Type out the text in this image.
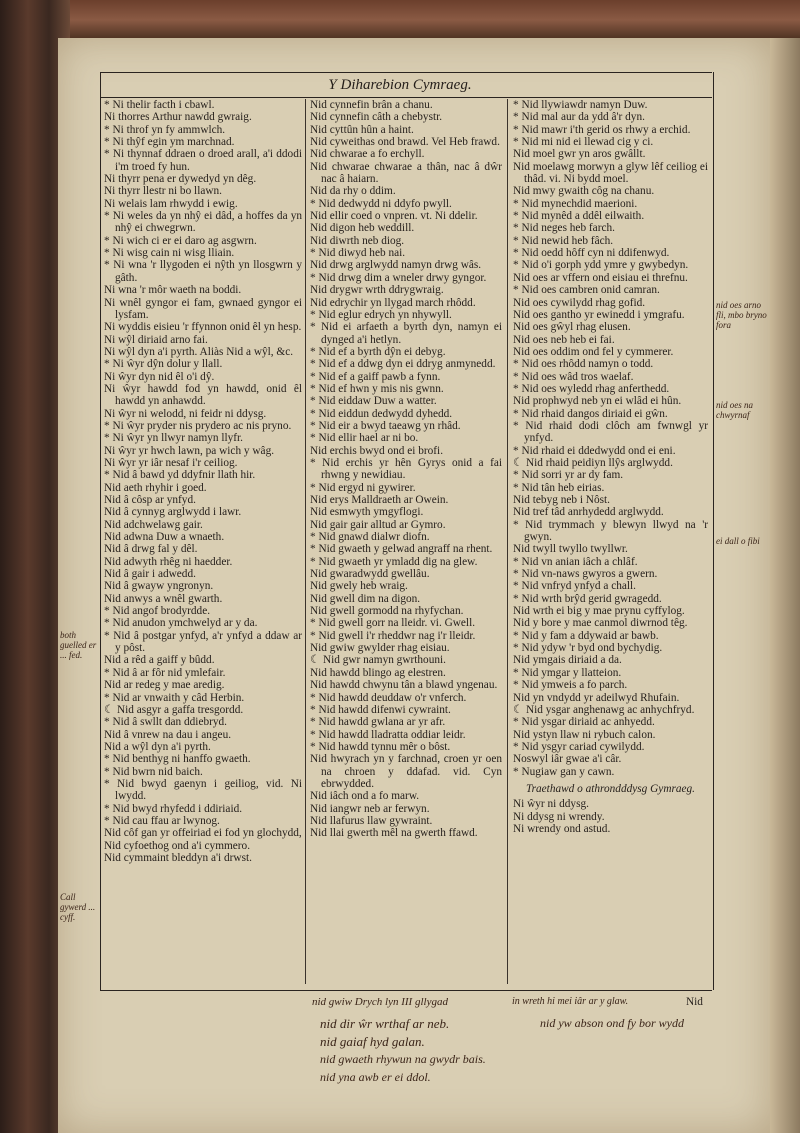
Y Diharebion Cymraeg.

* Ni thelir facth i cbawl.

Ni thorres Arthur nawdd gwraig.

* Ni throf yn fy ammwlch.

* Ni thŷf egin ym marchnad.

* Ni thynnaf ddraen o droed arall, a'i ddodi i'm troed fy hun.

Ni thyrr pena er dywedyd yn dêg.

Ni thyrr llestr ni bo llawn.

Ni welais lam rhwydd i ewig.

* Ni weles da yn nhŷ ei dâd, a hoffes da yn nhŷ ei chwegrwn.

* Ni wich ci er ei daro ag asgwrn.

* Ni wisg cain ni wisg lliain.

* Ni wna 'r llygoden ei nŷth yn llosgwrn y gâth.

Ni wna 'r môr waeth na boddi.

Ni wnêl gyngor ei fam, gwnaed gyngor ei lysfam.

Ni wyddis eisieu 'r ffynnon onid êl yn hesp.

Ni wŷl diriaid arno fai.

Ni wŷl dyn a'i pyrth. Aliàs Nid a wŷl, &c.

* Ni ŵyr dŷn dolur y llall.

Ni ŵyr dyn nid êl o'i dŷ.

Ni ŵyr hawdd fod yn hawdd, onid êl hawdd yn anhawdd.

Ni ŵyr ni welodd, ni feidr ni ddysg.

* Ni ŵyr pryder nis prydero ac nis pryno.

* Ni ŵyr yn llwyr namyn llyfr.

Ni ŵyr yr hwch lawn, pa wich y wâg.

Ni ŵyr yr iâr nesaf i'r ceiliog.

* Nid â bawd yd ddyfnir llath hir.

Nid aeth rhyhir i goed.

Nid â côsp ar ynfyd.

Nid â cynnyg arglwydd i lawr.

Nid adchwelawg gair.

Nid adwna Duw a wnaeth.

Nid â drwg fal y dêl.

Nid adwyth rhêg ni haedder.

Nid â gair i adwedd.

Nid â gwayw yngronyn.

Nid anwys a wnêl gwarth.

* Nid angof brodyrdde.

* Nid anudon ymchwelyd ar y da.

* Nid â postgar ynfyd, a'r ynfyd a ddaw ar y pôst.

Nid a rêd a gaiff y bûdd.

* Nid â ar fôr nid ymlefair.

Nid ar redeg y mae aredig.

* Nid ar vnwaith y câd Herbin.

☾ Nid asgyr a gaffa tresgordd.

* Nid â swllt dan ddiebryd.

Nid â vnrew na dau i angeu.

Nid a wŷl dyn a'i pyrth.

* Nid benthyg ni hanffo gwaeth.

* Nid bwrn nid baich.

* Nid bwyd gaenyn i geiliog, vid. Ni lwydd.

* Nid bwyd rhyfedd i ddiriaid.

* Nid cau ffau ar lwynog.

Nid côf gan yr offeiriad ei fod yn glochydd,

Nid cyfoethog ond a'i cymmero.

Nid cymmaint bleddyn a'i drwst.

Nid cynnefin brân a chanu.

Nid cynnefin câth a chebystr.

Nid cyttûn hûn a haint.

Nid cyweithas ond brawd. Vel Heb frawd.

Nid chwarae a fo erchyll.

Nid chwarae chwarae a thân, nac â dŵr nac â haiarn.

Nid da rhy o ddim.

* Nid dedwydd ni ddyfo pwyll.

Nid ellir coed o vnpren. vt. Ni ddelir.

Nid digon heb weddill.

Nid diwrth neb diog.

* Nid diwyd heb nai.

Nid drwg arglwydd namyn drwg wâs.

* Nid drwg dim a wneler drwy gyngor.

Nid drygwr wrth ddrygwraig.

Nid edrychir yn llygad march rhôdd.

* Nid eglur edrych yn nhywyll.

* Nid ei arfaeth a byrth dyn, namyn ei dynged a'i hetlyn.

* Nid ef a byrth dŷn ei debyg.

* Nid ef a ddwg dyn ei ddryg anmynedd.

* Nid ef a gaiff pawb a fynn.

* Nid ef hwn y mis nis gwnn.

* Nid eiddaw Duw a watter.

* Nid eiddun dedwydd dyhedd.

* Nid eir a bwyd taeawg yn rhâd.

* Nid ellir hael ar ni bo.

Nid erchis bwyd ond ei brofi.

* Nid erchis yr hên Gyrys onid a fai rhwng y newidiau.

* Nid ergyd ni gywirer.

Nid erys Malldraeth ar Owein.

Nid esmwyth ymgyflogi.

Nid gair gair alltud ar Gymro.

* Nid gnawd dialwr diofn.

* Nid gwaeth y gelwad angraff na rhent.

* Nid gwaeth yr ymladd dig na glew.

Nid gwaradwydd gwellâu.

Nid gwely heb wraig.

Nid gwell dim na digon.

Nid gwell gormodd na rhyfychan.

* Nid gwell gorr na lleidr. vi. Gwell.

* Nid gwell i'r rheddwr nag i'r lleidr.

Nid gwiw gwylder rhag eisiau.

☾ Nid gwr namyn gwrthouni.

Nid hawdd blingo ag elestren.

Nid hawdd chwynu tân a blawd yngenau.

* Nid hawdd deuddaw o'r vnferch.

* Nid hawdd difenwi cywraint.

* Nid hawdd gwlana ar yr afr.

* Nid hawdd lladratta oddiar leidr.

* Nid hawdd tynnu mêr o bôst.

Nid hwyrach yn y farchnad, croen yr oen na chroen y ddafad. vid. Cyn ebrwydded.

Nid iâch ond a fo marw.

Nid iangwr neb ar ferwyn.

Nid llafurus llaw gywraint.

Nid llai gwerth mêl na gwerth ffawd.

* Nid llywiawdr namyn Duw.

* Nid mal aur da ydd â'r dyn.

* Nid mawr i'th gerid os rhwy a erchid.

* Nid mi nid ei llewad cig y ci.

Nid moel gwr yn aros gwâllt.

Nid moelawg morwyn a glyw lêf ceiliog ei thâd. vi. Ni bydd moel.

Nid mwy gwaith côg na chanu.

* Nid mynechdid maerioni.

* Nid mynêd a ddêl eilwaith.

* Nid neges heb farch.

* Nid newid heb fâch.

* Nid oedd hôff cyn ni ddifenwyd.

* Nid o'i gorph ydd ymre y gwybedyn.

Nid oes ar vffern ond eisiau ei threfnu.

* Nid oes cambren onid camran.

Nid oes cywilydd rhag gofid.

Nid oes gantho yr ewinedd i ymgrafu.

Nid oes gŵyl rhag elusen.

Nid oes neb heb ei fai.

Nid oes oddim ond fel y cymmerer.

* Nid oes rhôdd namyn o todd.

* Nid oes wâd tros waelaf.

* Nid oes wyledd rhag anferthedd.

Nid prophwyd neb yn ei wlâd ei hûn.

* Nid rhaid dangos diriaid ei gŵn.

* Nid rhaid dodi clôch am fwnwgl yr ynfyd.

* Nid rhaid ei ddedwydd ond ei eni.

☾ Nid rhaid peidiyn llŷs arglwydd.

* Nid sorri yr ar dy fam.

* Nid tân heb eirias.

Nid tebyg neb i Nôst.

Nid tref tâd anrhydedd arglwydd.

* Nid trymmach y blewyn llwyd na 'r gwyn.

Nid twyll twyllo twyllwr.

* Nid vn anian iâch a chlâf.

* Nid vn-naws gwyros a gwern.

* Nid vnfryd ynfyd a chall.

* Nid wrth brŷd gerid gwragedd.

Nid wrth ei big y mae prynu cyffylog.

Nid y bore y mae canmol diwrnod têg.

* Nid y fam a ddywaid ar bawb.

* Nid ydyw 'r byd ond bychydig.

Nid ymgais diriaid a da.

* Nid ymgar y llatteion.

* Nid ymweis a fo parch.

Nid yn vndydd yr adeilwyd Rhufain.

☾ Nid ysgar anghenawg ac anhychfryd.

* Nid ysgar diriaid ac anhyedd.

Nid ystyn llaw ni rybuch calon.

* Nid ysgyr cariad cywilydd.

Noswyl iâr gwae a'i câr.

* Nugiaw gan y cawn.

Traethawd o athrondddysg Gymraeg.

Ni ŵyr ni ddysg.

Ni ddysg ni wrendy.

Ni wrendy ond astud.

Nid
both guelled er ... fed.
Call gywerd ... cyff.
nid oes na chwyrnaf
nid oes arno fli, mbo bryno fora
ei dall o fibi
nid gwiw Drych lyn III gllygad	in wreth hi mei iâr ar y glaw.
nid dir ŵr wrthaf ar neb.
nid gaiaf hyd galan.
nid gwaeth rhywun na gwydr bais.
nid yna awb er ei ddol.
nid yw abson ond fy bor wydd
